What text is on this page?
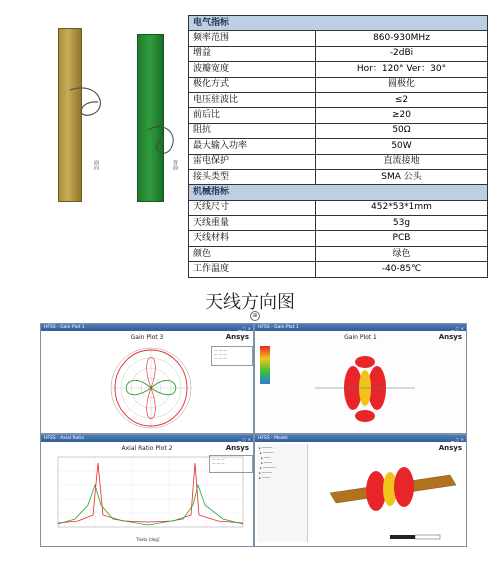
面向	背面
电气指标	
频率范围	860-930MHz
增益	-2dBi
波瓣宽度	Hor：120° Ver：30°
极化方式	圆极化
电压驻波比	≤2
前后比	≥20
阻抗	50Ω
最大输入功率	50W
雷电保护	直流接地
接头类型	SMA 公头
机械指标	
天线尺寸	452*53*1mm
天线重量	53g
天线材料	PCB
颜色	绿色
工作温度	-40-85℃
天线方向图
⊕
HFSS - Gain Plot 1	▁ ▢ ✕
Gain Plot 3	Ansys
— — —
— — —
— — —
HFSS - Gain Plot 1	▁ ▢ ✕
Gain Plot 1	Ansys
HFSS - Axial Ratio	▁ ▢ ✕
Axial Ratio Plot 2	Ansys
— — —
— — —
Theta [deg]
HFSS - Model	▁ ▢ ✕
Ansys
▸ ─────
▸ ─────
▸ ───
▸ ────
▸ ──────
▸ ─────
▸ ────
